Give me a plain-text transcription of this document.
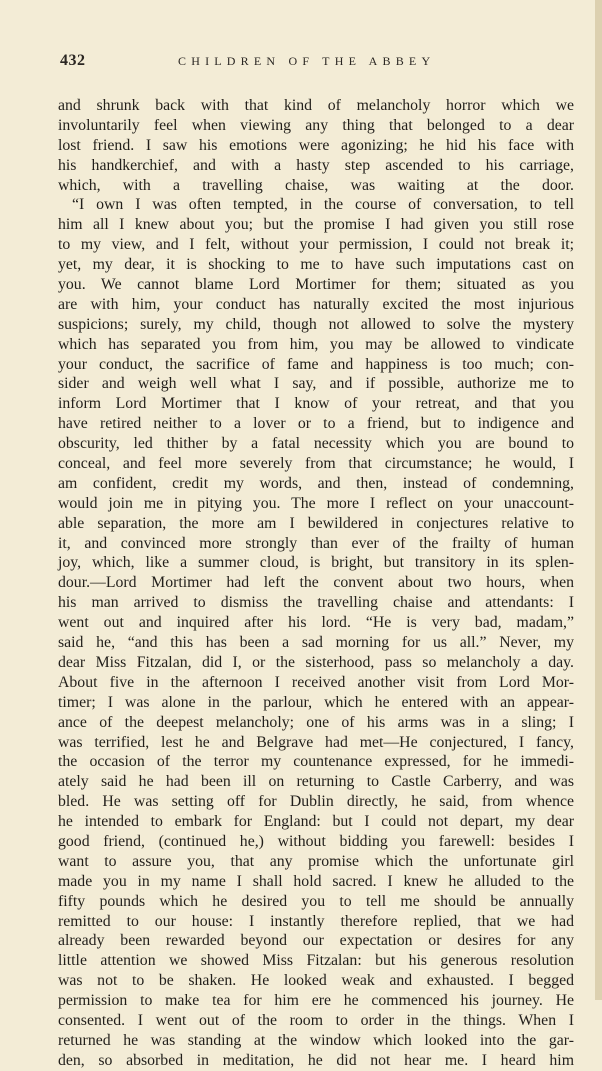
432	CHILDREN OF THE ABBEY
and shrunk back with that kind of melancholy horror which we
involuntarily feel when viewing any thing that belonged to a dear
lost friend. I saw his emotions were agonizing; he hid his face with
his handkerchief, and with a hasty step ascended to his carriage,
which, with a travelling chaise, was waiting at the door.
“I own I was often tempted, in the course of conversation, to tell
him all I knew about you; but the promise I had given you still rose
to my view, and I felt, without your permission, I could not break it;
yet, my dear, it is shocking to me to have such imputations cast on
you. We cannot blame Lord Mortimer for them; situated as you
are with him, your conduct has naturally excited the most injurious
suspicions; surely, my child, though not allowed to solve the mystery
which has separated you from him, you may be allowed to vindicate
your conduct, the sacrifice of fame and happiness is too much; con-
sider and weigh well what I say, and if possible, authorize me to
inform Lord Mortimer that I know of your retreat, and that you
have retired neither to a lover or to a friend, but to indigence and
obscurity, led thither by a fatal necessity which you are bound to
conceal, and feel more severely from that circumstance; he would, I
am confident, credit my words, and then, instead of condemning,
would join me in pitying you. The more I reflect on your unaccount-
able separation, the more am I bewildered in conjectures relative to
it, and convinced more strongly than ever of the frailty of human
joy, which, like a summer cloud, is bright, but transitory in its splen-
dour.—Lord Mortimer had left the convent about two hours, when
his man arrived to dismiss the travelling chaise and attendants: I
went out and inquired after his lord. “He is very bad, madam,”
said he, “and this has been a sad morning for us all.” Never, my
dear Miss Fitzalan, did I, or the sisterhood, pass so melancholy a day.
About five in the afternoon I received another visit from Lord Mor-
timer; I was alone in the parlour, which he entered with an appear-
ance of the deepest melancholy; one of his arms was in a sling; I
was terrified, lest he and Belgrave had met—He conjectured, I fancy,
the occasion of the terror my countenance expressed, for he immedi-
ately said he had been ill on returning to Castle Carberry, and was
bled. He was setting off for Dublin directly, he said, from whence
he intended to embark for England: but I could not depart, my dear
good friend, (continued he,) without bidding you farewell: besides I
want to assure you, that any promise which the unfortunate girl
made you in my name I shall hold sacred. I knew he alluded to the
fifty pounds which he desired you to tell me should be annually
remitted to our house: I instantly therefore replied, that we had
already been rewarded beyond our expectation or desires for any
little attention we showed Miss Fitzalan: but his generous resolution
was not to be shaken. He looked weak and exhausted. I begged
permission to make tea for him ere he commenced his journey. He
consented. I went out of the room to order in the things. When I
returned he was standing at the window which looked into the gar-
den, so absorbed in meditation, he did not hear me. I heard him
